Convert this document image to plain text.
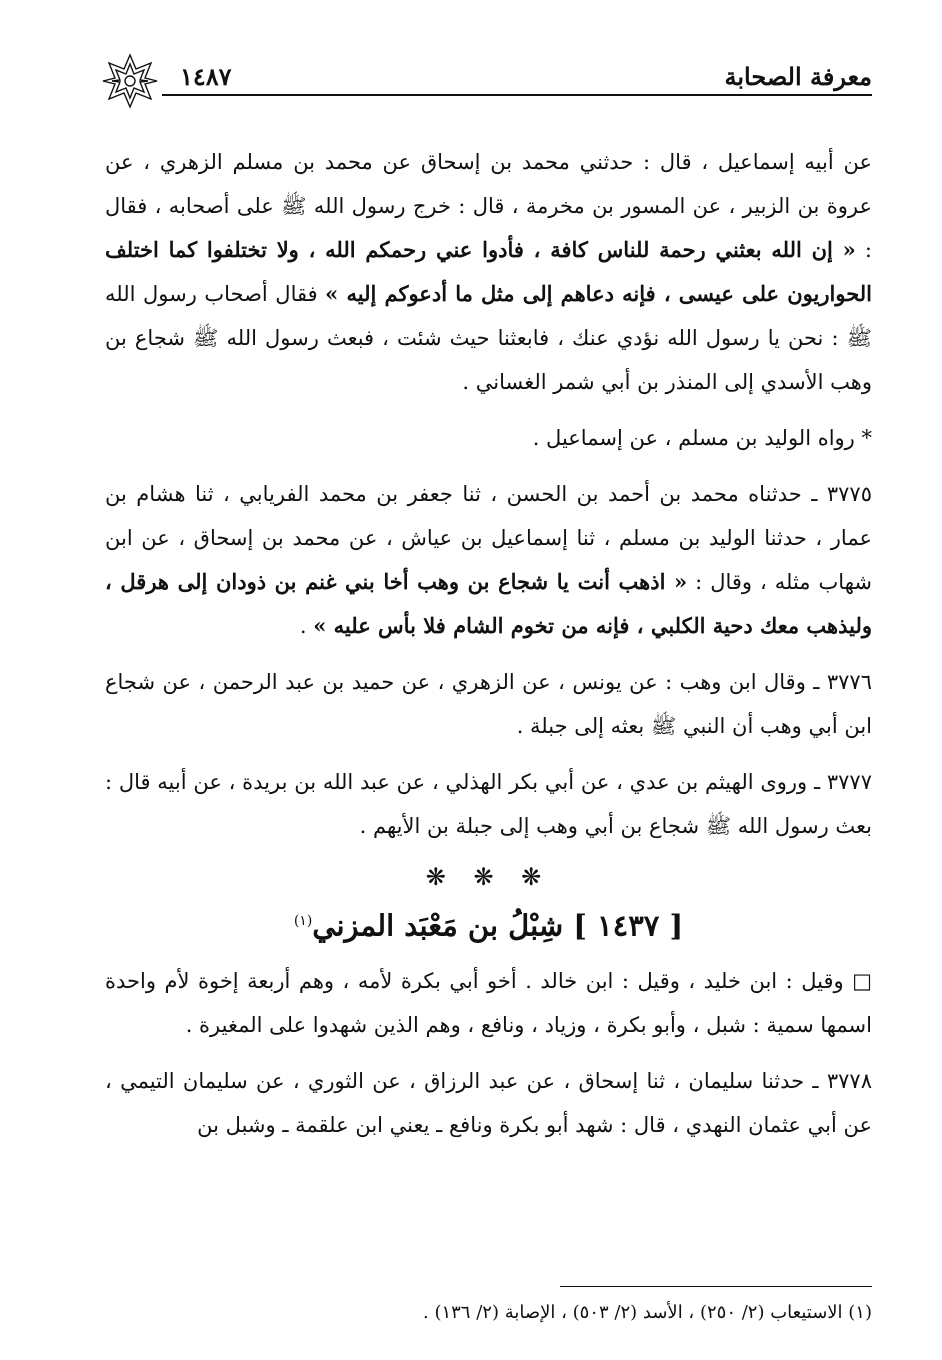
١٤٨٧	معرفة الصحابة

عن أبيه إسماعيل ، قال : حدثني محمد بن إسحاق عن محمد بن مسلم الزهري ، عن عروة بن الزبير ، عن المسور بن مخرمة ، قال : خرج رسول الله ﷺ على أصحابه ، فقال : « إن الله بعثني رحمة للناس كافة ، فأدوا عني رحمكم الله ، ولا تختلفوا كما اختلف الحواريون على عيسى ، فإنه دعاهم إلى مثل ما أدعوكم إليه » فقال أصحاب رسول الله ﷺ : نحن يا رسول الله نؤدي عنك ، فابعثنا حيث شئت ، فبعث رسول الله ﷺ شجاع بن وهب الأسدي إلى المنذر بن أبي شمر الغساني .

* رواه الوليد بن مسلم ، عن إسماعيل .

٣٧٧٥ ـ حدثناه محمد بن أحمد بن الحسن ، ثنا جعفر بن محمد الفريابي ، ثنا هشام بن عمار ، حدثنا الوليد بن مسلم ، ثنا إسماعيل بن عياش ، عن محمد بن إسحاق ، عن ابن شهاب مثله ، وقال : « اذهب أنت يا شجاع بن وهب أخا بني غنم بن ذودان إلى هرقل ، وليذهب معك دحية الكلبي ، فإنه من تخوم الشام فلا بأس عليه » .

٣٧٧٦ ـ وقال ابن وهب : عن يونس ، عن الزهري ، عن حميد بن عبد الرحمن ، عن شجاع ابن أبي وهب أن النبي ﷺ بعثه إلى جبلة .

٣٧٧٧ ـ وروى الهيثم بن عدي ، عن أبي بكر الهذلي ، عن عبد الله بن بريدة ، عن أبيه قال : بعث رسول الله ﷺ شجاع بن أبي وهب إلى جبلة بن الأيهم .

❋ ❋ ❋

[ ١٤٣٧ ] شِبْلُ بن مَعْبَد المزني$^{(١)}$

□ وقيل : ابن خليد ، وقيل : ابن خالد . أخو أبي بكرة لأمه ، وهم أربعة إخوة لأم واحدة اسمها سمية : شبل ، وأبو بكرة ، وزياد ، ونافع ، وهم الذين شهدوا على المغيرة .

٣٧٧٨ ـ حدثنا سليمان ، ثنا إسحاق ، عن عبد الرزاق ، عن الثوري ، عن سليمان التيمي ، عن أبي عثمان النهدي ، قال : شهد أبو بكرة ونافع ـ يعني ابن علقمة ـ وشبل بن

(١) الاستيعاب (٢/ ٢٥٠) ، الأسد (٢/ ٥٠٣) ، الإصابة (٢/ ١٣٦) .
